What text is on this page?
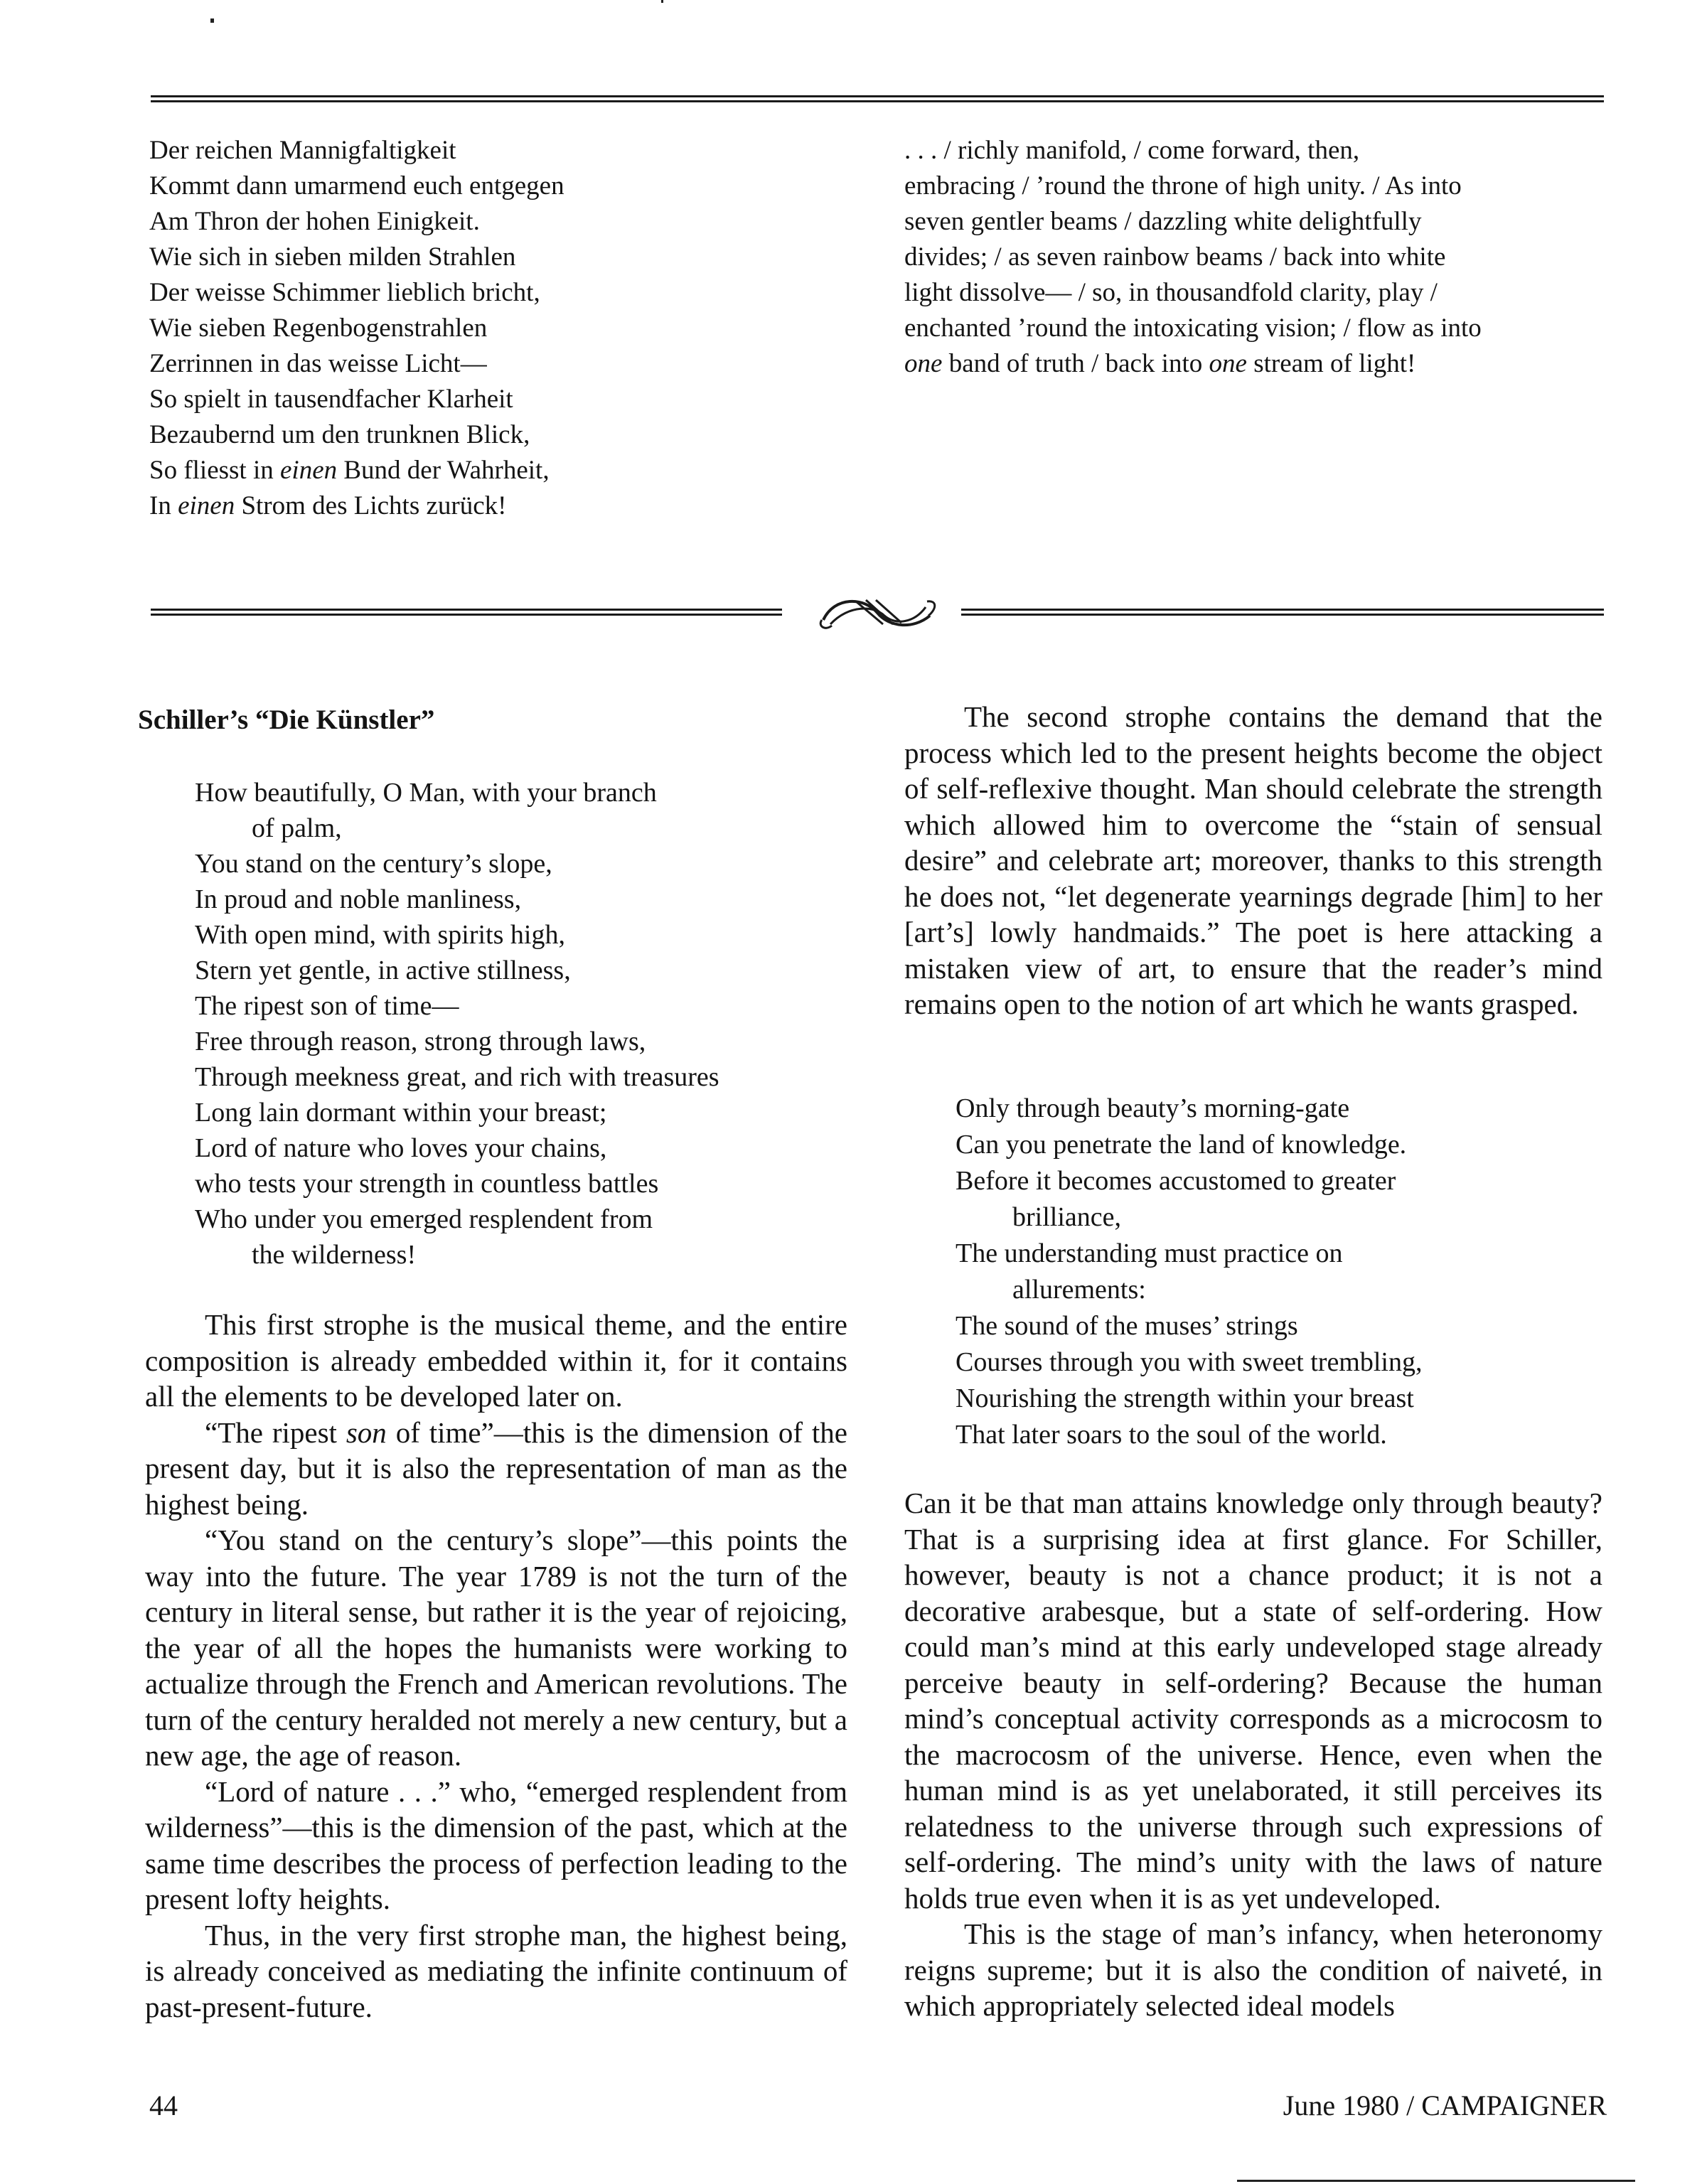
Der reichen Mannigfaltigkeit
Kommt dann umarmend euch entgegen
Am Thron der hohen Einigkeit.
Wie sich in sieben milden Strahlen
Der weisse Schimmer lieblich bricht,
Wie sieben Regenbogenstrahlen
Zerrinnen in das weisse Licht—
So spielt in tausendfacher Klarheit
Bezaubernd um den trunknen Blick,
So fliesst in einen Bund der Wahrheit,
In einen Strom des Lichts zurück!
. . . / richly manifold, / come forward, then,
embracing / ’round the throne of high unity. / As into
seven gentler beams / dazzling white delightfully
divides; / as seven rainbow beams / back into white
light dissolve— / so, in thousandfold clarity, play /
enchanted ’round the intoxicating vision; / flow as into
one band of truth / back into one stream of light!
Schiller’s “Die Künstler”
How beautifully, O Man, with your branch
of palm,
You stand on the century’s slope,
In proud and noble manliness,
With open mind, with spirits high,
Stern yet gentle, in active stillness,
The ripest son of time—
Free through reason, strong through laws,
Through meekness great, and rich with treasures
Long lain dormant within your breast;
Lord of nature who loves your chains,
who tests your strength in countless battles
Who under you emerged resplendent from
the wilderness!

This first strophe is the musical theme, and the entire composition is already embedded within it, for it contains all the elements to be developed later on.

“The ripest son of time”—this is the dimension of the present day, but it is also the representation of man as the highest being.

“You stand on the century’s slope”—this points the way into the future. The year 1789 is not the turn of the century in literal sense, but rather it is the year of rejoicing, the year of all the hopes the humanists were working to actualize through the French and American revolutions. The turn of the century heralded not merely a new century, but a new age, the age of reason.

“Lord of nature . . .” who, “emerged resplendent from wilderness”—this is the dimension of the past, which at the same time describes the process of perfection leading to the present lofty heights.

Thus, in the very first strophe man, the highest being, is already conceived as mediating the infinite continuum of past-present-future.

The second strophe contains the demand that the process which led to the present heights become the object of self-reflexive thought. Man should celebrate the strength which allowed him to overcome the “stain of sensual desire” and celebrate art; moreover, thanks to this strength he does not, “let degenerate yearnings degrade [him] to her [art’s] lowly handmaids.” The poet is here attacking a mistaken view of art, to ensure that the reader’s mind remains open to the notion of art which he wants grasped.

Only through beauty’s morning-gate
Can you penetrate the land of knowledge.
Before it becomes accustomed to greater
brilliance,
The understanding must practice on
allurements:
The sound of the muses’ strings
Courses through you with sweet trembling,
Nourishing the strength within your breast
That later soars to the soul of the world.

Can it be that man attains knowledge only through beauty? That is a surprising idea at first glance. For Schiller, however, beauty is not a chance product; it is not a decorative arabesque, but a state of self-ordering. How could man’s mind at this early undeveloped stage already perceive beauty in self-ordering? Because the human mind’s conceptual activity corresponds as a microcosm to the macrocosm of the universe. Hence, even when the human mind is as yet unelaborated, it still perceives its relatedness to the universe through such expressions of self-ordering. The mind’s unity with the laws of nature holds true even when it is as yet undeveloped.

This is the stage of man’s infancy, when heteronomy reigns supreme; but it is also the condition of naiveté, in which appropriately selected ideal models

44	June 1980 / CAMPAIGNER
